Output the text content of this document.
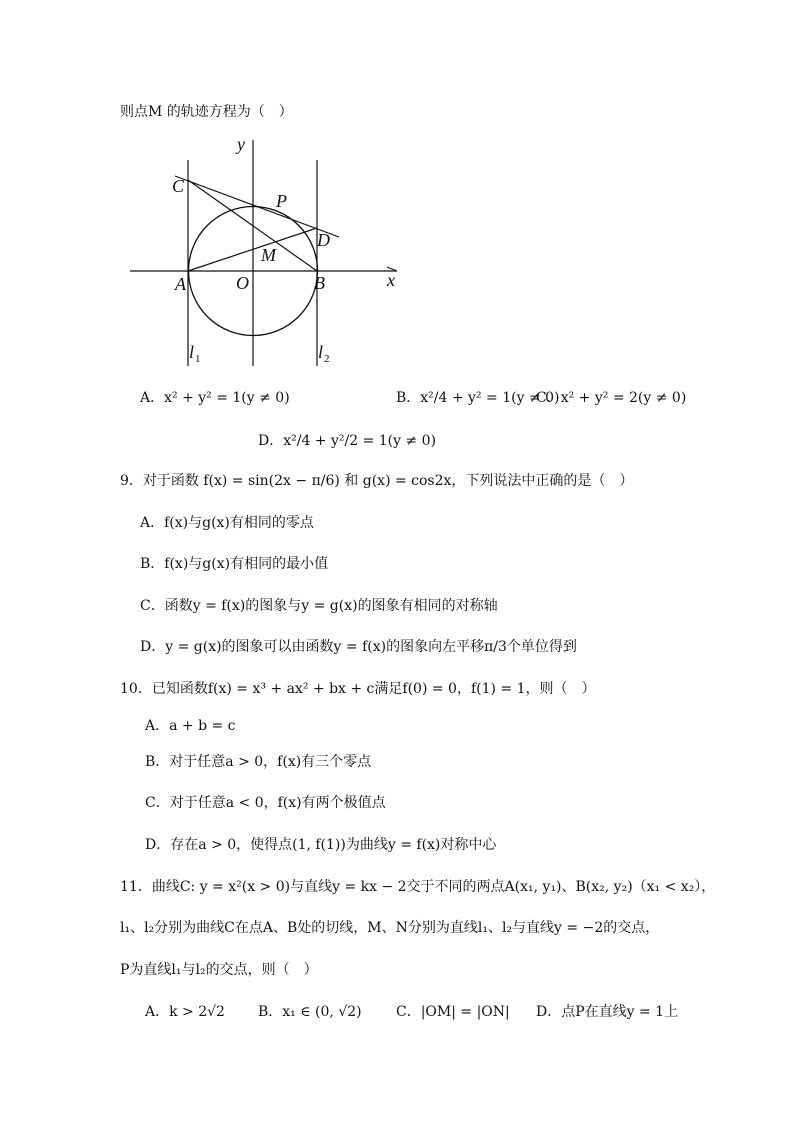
则点M 的轨迹方程为（　）
y
x
C
P
D
M
A	O	B
l 1	l 2
A．x² + y² = 1(y ≠ 0)	B．x²/4 + y² = 1(y ≠ 0)
C．x² + y² = 2(y ≠ 0)
D．x²/4 + y²/2 = 1(y ≠ 0)
9．对于函数 f(x) = sin(2x − π/6) 和 g(x) = cos2x，下列说法中正确的是（　）
A．f(x)与g(x)有相同的零点
B．f(x)与g(x)有相同的最小值
C．函数y = f(x)的图象与y = g(x)的图象有相同的对称轴
D．y = g(x)的图象可以由函数y = f(x)的图象向左平移π/3个单位得到
10．已知函数f(x) = x³ + ax² + bx + c满足f(0) = 0，f(1) = 1，则（　）
A．a + b = c
B．对于任意a > 0，f(x)有三个零点
C．对于任意a < 0，f(x)有两个极值点
D．存在a > 0，使得点(1, f(1))为曲线y = f(x)对称中心
11．曲线C: y = x²(x > 0)与直线y = kx − 2交于不同的两点A(x₁, y₁)、B(x₂, y₂)（x₁ < x₂），
l₁、l₂分别为曲线C在点A、B处的切线，M、N分别为直线l₁、l₂与直线y = −2的交点，
P为直线l₁与l₂的交点，则（　）
A．k > 2√2 B．x₁ ∈ (0, √2) C．|OM| = |ON| D．点P在直线y = 1上
